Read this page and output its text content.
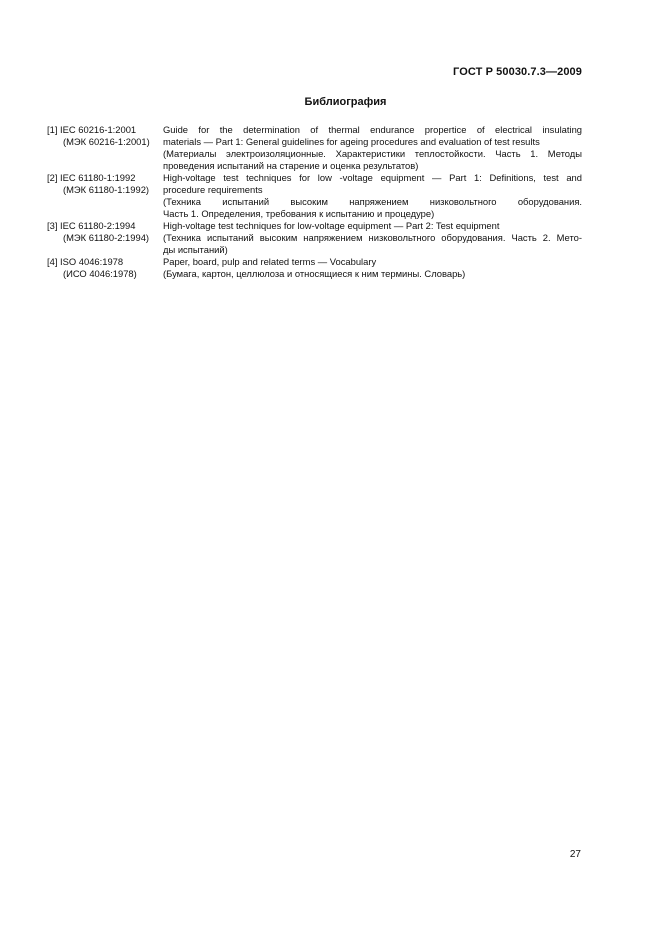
ГОСТ Р 50030.7.3—2009
Библиография
[1] IEC 60216-1:2001
(МЭК 60216-1:2001)
Guide for the determination of thermal endurance propertice of electrical insulating
materials — Part 1: General guidelines for ageing procedures and evaluation of test results
(Материалы электроизоляционные. Характеристики теплостойкости. Часть 1. Методы
проведения испытаний на старение и оценка результатов)
[2] IEC 61180-1:1992
(МЭК 61180-1:1992)
High-voltage test techniques for low -voltage equipment — Part 1: Definitions, test and
procedure requirements
(Техника испытаний высоким напряжением низковольтного оборудования.
Часть 1. Определения, требования к испытанию и процедуре)
[3] IEC 61180-2:1994
(МЭК 61180-2:1994)
High-voltage test techniques for low-voltage equipment — Part 2: Test equipment
(Техника испытаний высоким напряжением низковольтного оборудования. Часть 2. Мето-
ды испытаний)
[4] ISO 4046:1978
(ИСО 4046:1978)
Paper, board, pulp and related terms — Vocabulary
(Бумага, картон, целлюлоза и относящиеся к ним термины. Словарь)
27
